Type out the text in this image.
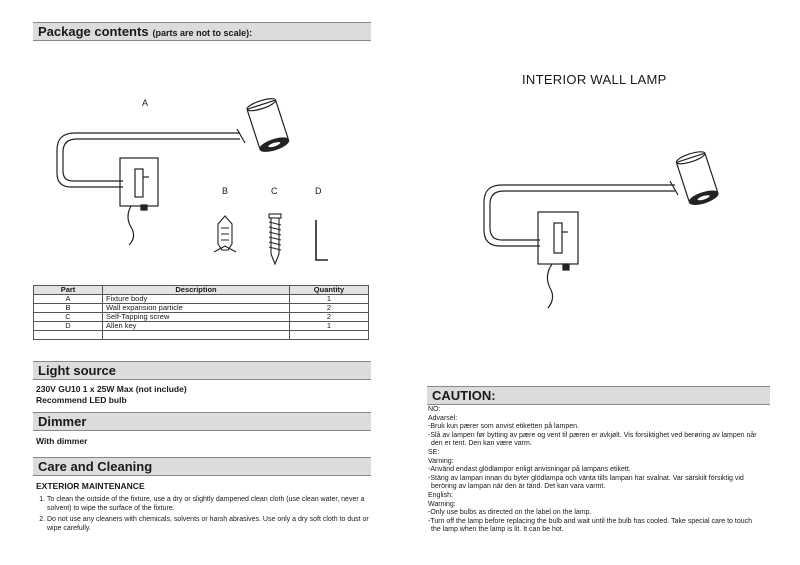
Package contents (parts are not to scale):
A
B	C	D
Part	Description	Quantity
A	Fixture body	1
B	Wall expansion particle	2
C	Self-Tapping screw	2
D	Allen key	1

Light source
230V GU10 1 x 25W Max (not include)
Recommend LED bulb
Dimmer
With dimmer
Care and Cleaning
EXTERIOR MAINTENANCE
1. To clean the outside of the fixture, use a dry or slightly dampened clean cloth (use clean water, never a solvent) to wipe the surface of the fixture.
2. Do not use any cleaners with chemicals, solvents or harsh abrasives. Use only a dry soft cloth to dust or wipe carefully.
INTERIOR WALL LAMP
CAUTION:
NO:
Advarsel:
-Bruk kun pærer som anvist etiketten på lampen.
-Slå av lampen før bytting av pære og vent til pæren er avkjølt. Vis forsiktighet ved berøring av lampen når
den er tent. Den kan være varm.
SE:
Varning:
-Använd endast glödlampor enligt anvisningar på lampans etikett.
-Stäng av lampan innan du byter glödlampa och vänta tills lampan har svalnat. Var särskilt försiktig vid
beröring av lampan när den är tänd. Det kan vara varmt.
English:
Warning:
-Only use bulbs as directed on the label on the lamp.
-Turn off the lamp before replacing the bulb and wait until the bulb has cooled. Take special care to touch
the lamp when the lamp is lit. It can be hot.
